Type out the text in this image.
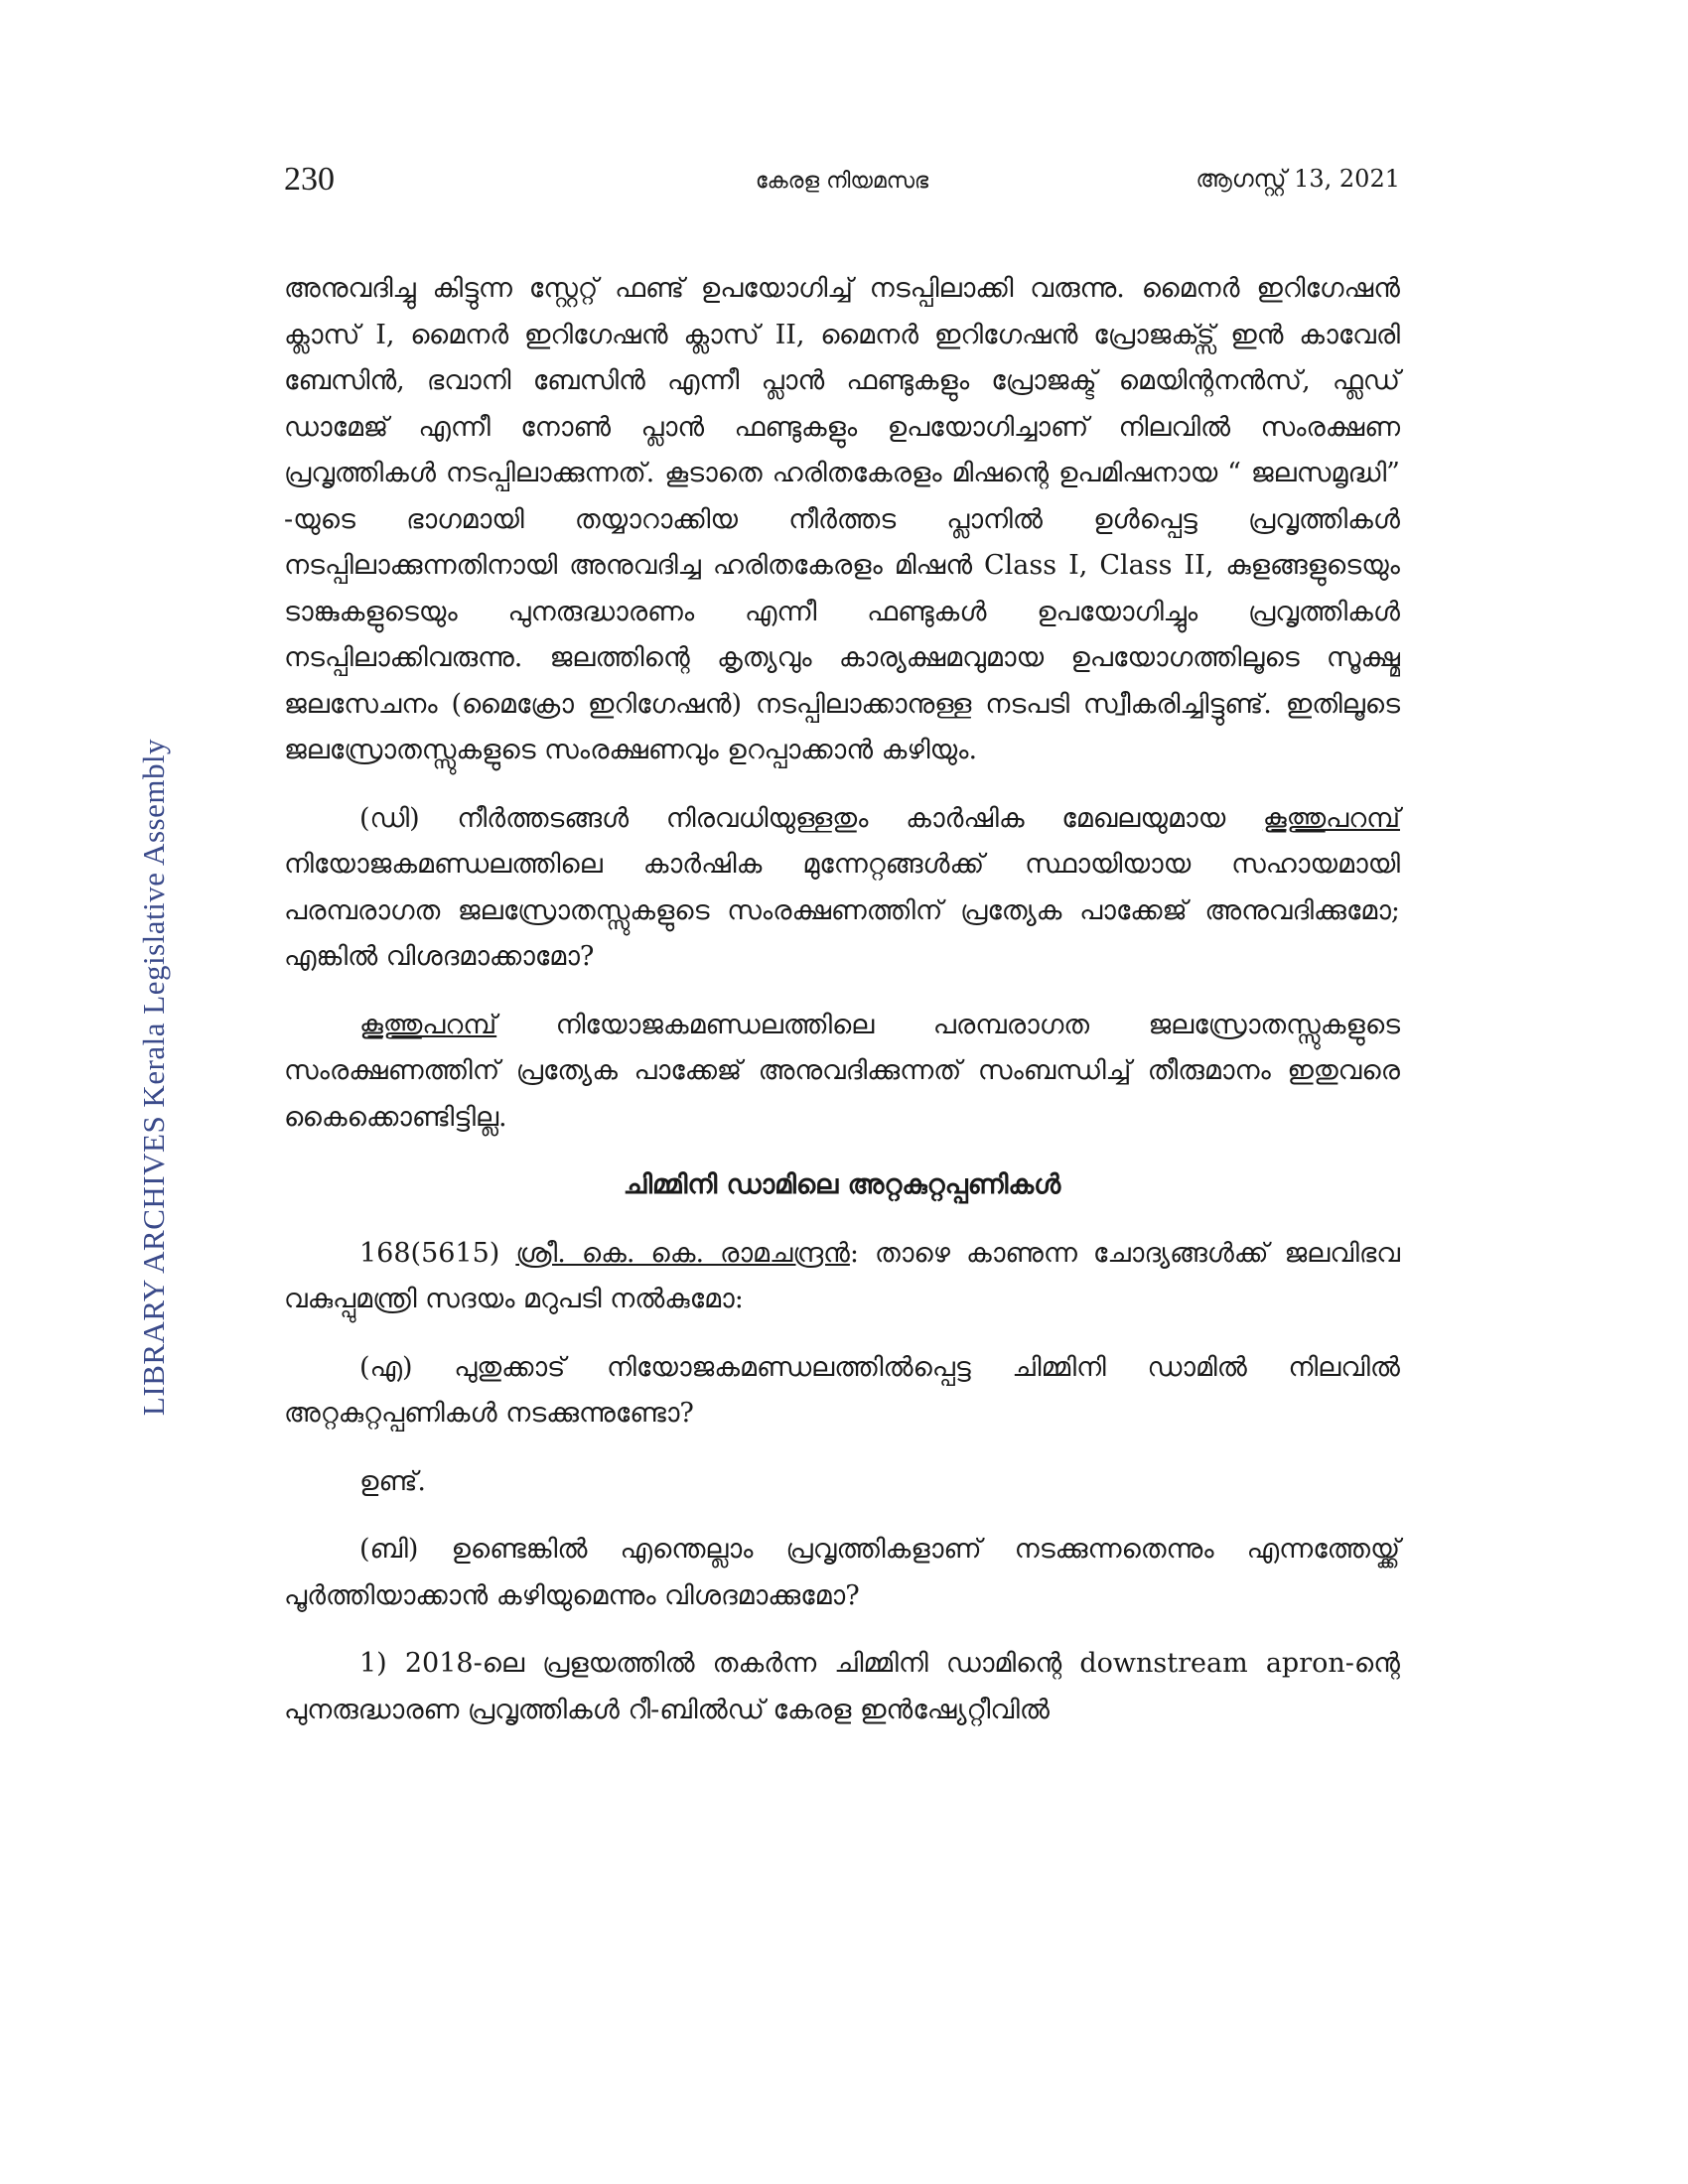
LIBRARY ARCHIVES Kerala Legislative Assembly
230	കേരള നിയമസഭ	ആഗസ്റ്റ് 13, 2021

അനുവദിച്ചു കിട്ടുന്ന സ്റ്റേറ്റ് ഫണ്ട് ഉപയോഗിച്ച് നടപ്പിലാക്കി വരുന്നു. മൈനർ ഇറിഗേഷൻ ക്ലാസ് I, മൈനർ ഇറിഗേഷൻ ക്ലാസ് II, മൈനർ ഇറിഗേഷൻ പ്രോജക്ട്സ് ഇൻ കാവേരി ബേസിൻ, ഭവാനി ബേസിൻ എന്നീ പ്ലാൻ ഫണ്ടുകളും പ്രോജക്ട് മെയിന്റനൻസ്, ഫ്ലഡ് ഡാമേജ് എന്നീ നോൺ പ്ലാൻ ഫണ്ടുകളും ഉപയോഗിച്ചാണ് നിലവിൽ സംരക്ഷണ പ്രവൃത്തികൾ നടപ്പിലാക്കുന്നത്. കൂടാതെ ഹരിതകേരളം മിഷന്റെ ഉപമിഷനായ “ ജലസമൃദ്ധി” -യുടെ ഭാഗമായി തയ്യാറാക്കിയ നീർത്തട പ്ലാനിൽ ഉൾപ്പെട്ട പ്രവൃത്തികൾ നടപ്പിലാക്കുന്നതിനായി അനുവദിച്ച ഹരിതകേരളം മിഷൻ Class I, Class II, കുളങ്ങളുടെയും ടാങ്കുകളുടെയും പുനരുദ്ധാരണം എന്നീ ഫണ്ടുകൾ ഉപയോഗിച്ചും പ്രവൃത്തികൾ നടപ്പിലാക്കിവരുന്നു. ജലത്തിന്റെ കൃത്യവും കാര്യക്ഷമവുമായ ഉപയോഗത്തിലൂടെ സൂക്ഷ്മ ജലസേചനം (മൈക്രോ ഇറിഗേഷൻ) നടപ്പിലാക്കാനുള്ള നടപടി സ്വീകരിച്ചിട്ടുണ്ട്. ഇതിലൂടെ ജലസ്രോതസ്സുകളുടെ സംരക്ഷണവും ഉറപ്പാക്കാൻ കഴിയും.

(ഡി) നീർത്തടങ്ങൾ നിരവധിയുള്ളതും കാർഷിക മേഖലയുമായ കൂത്തുപറമ്പ് നിയോജകമണ്ഡലത്തിലെ കാർഷിക മുന്നേറ്റങ്ങൾക്ക് സ്ഥായിയായ സഹായമായി പരമ്പരാഗത ജലസ്രോതസ്സുകളുടെ സംരക്ഷണത്തിന് പ്രത്യേക പാക്കേജ് അനുവദിക്കുമോ; എങ്കിൽ വിശദമാക്കാമോ?

കൂത്തുപറമ്പ് നിയോജകമണ്ഡലത്തിലെ പരമ്പരാഗത ജലസ്രോതസ്സുകളുടെ സംരക്ഷണത്തിന് പ്രത്യേക പാക്കേജ് അനുവദിക്കുന്നത് സംബന്ധിച്ച് തീരുമാനം ഇതുവരെ കൈക്കൊണ്ടിട്ടില്ല.

ചിമ്മിനി ഡാമിലെ അറ്റകുറ്റപ്പണികൾ

168(5615) ശ്രീ. കെ. കെ. രാമചന്ദ്രൻ: താഴെ കാണുന്ന ചോദ്യങ്ങൾക്ക് ജലവിഭവ വകുപ്പുമന്ത്രി സദയം മറുപടി നൽകുമോ:

(എ) പുതുക്കാട് നിയോജകമണ്ഡലത്തിൽപ്പെട്ട ചിമ്മിനി ഡാമിൽ നിലവിൽ അറ്റകുറ്റപ്പണികൾ നടക്കുന്നുണ്ടോ?

ഉണ്ട്.

(ബി) ഉണ്ടെങ്കിൽ എന്തെല്ലാം പ്രവൃത്തികളാണ് നടക്കുന്നതെന്നും എന്നത്തേയ്ക്ക് പൂർത്തിയാക്കാൻ കഴിയുമെന്നും വിശദമാക്കുമോ?

1) 2018-ലെ പ്രളയത്തിൽ തകർന്ന ചിമ്മിനി ഡാമിന്റെ downstream apron-ന്റെ പുനരുദ്ധാരണ പ്രവൃത്തികൾ റീ-ബിൽഡ് കേരള ഇൻഷ്യേറ്റീവിൽ
